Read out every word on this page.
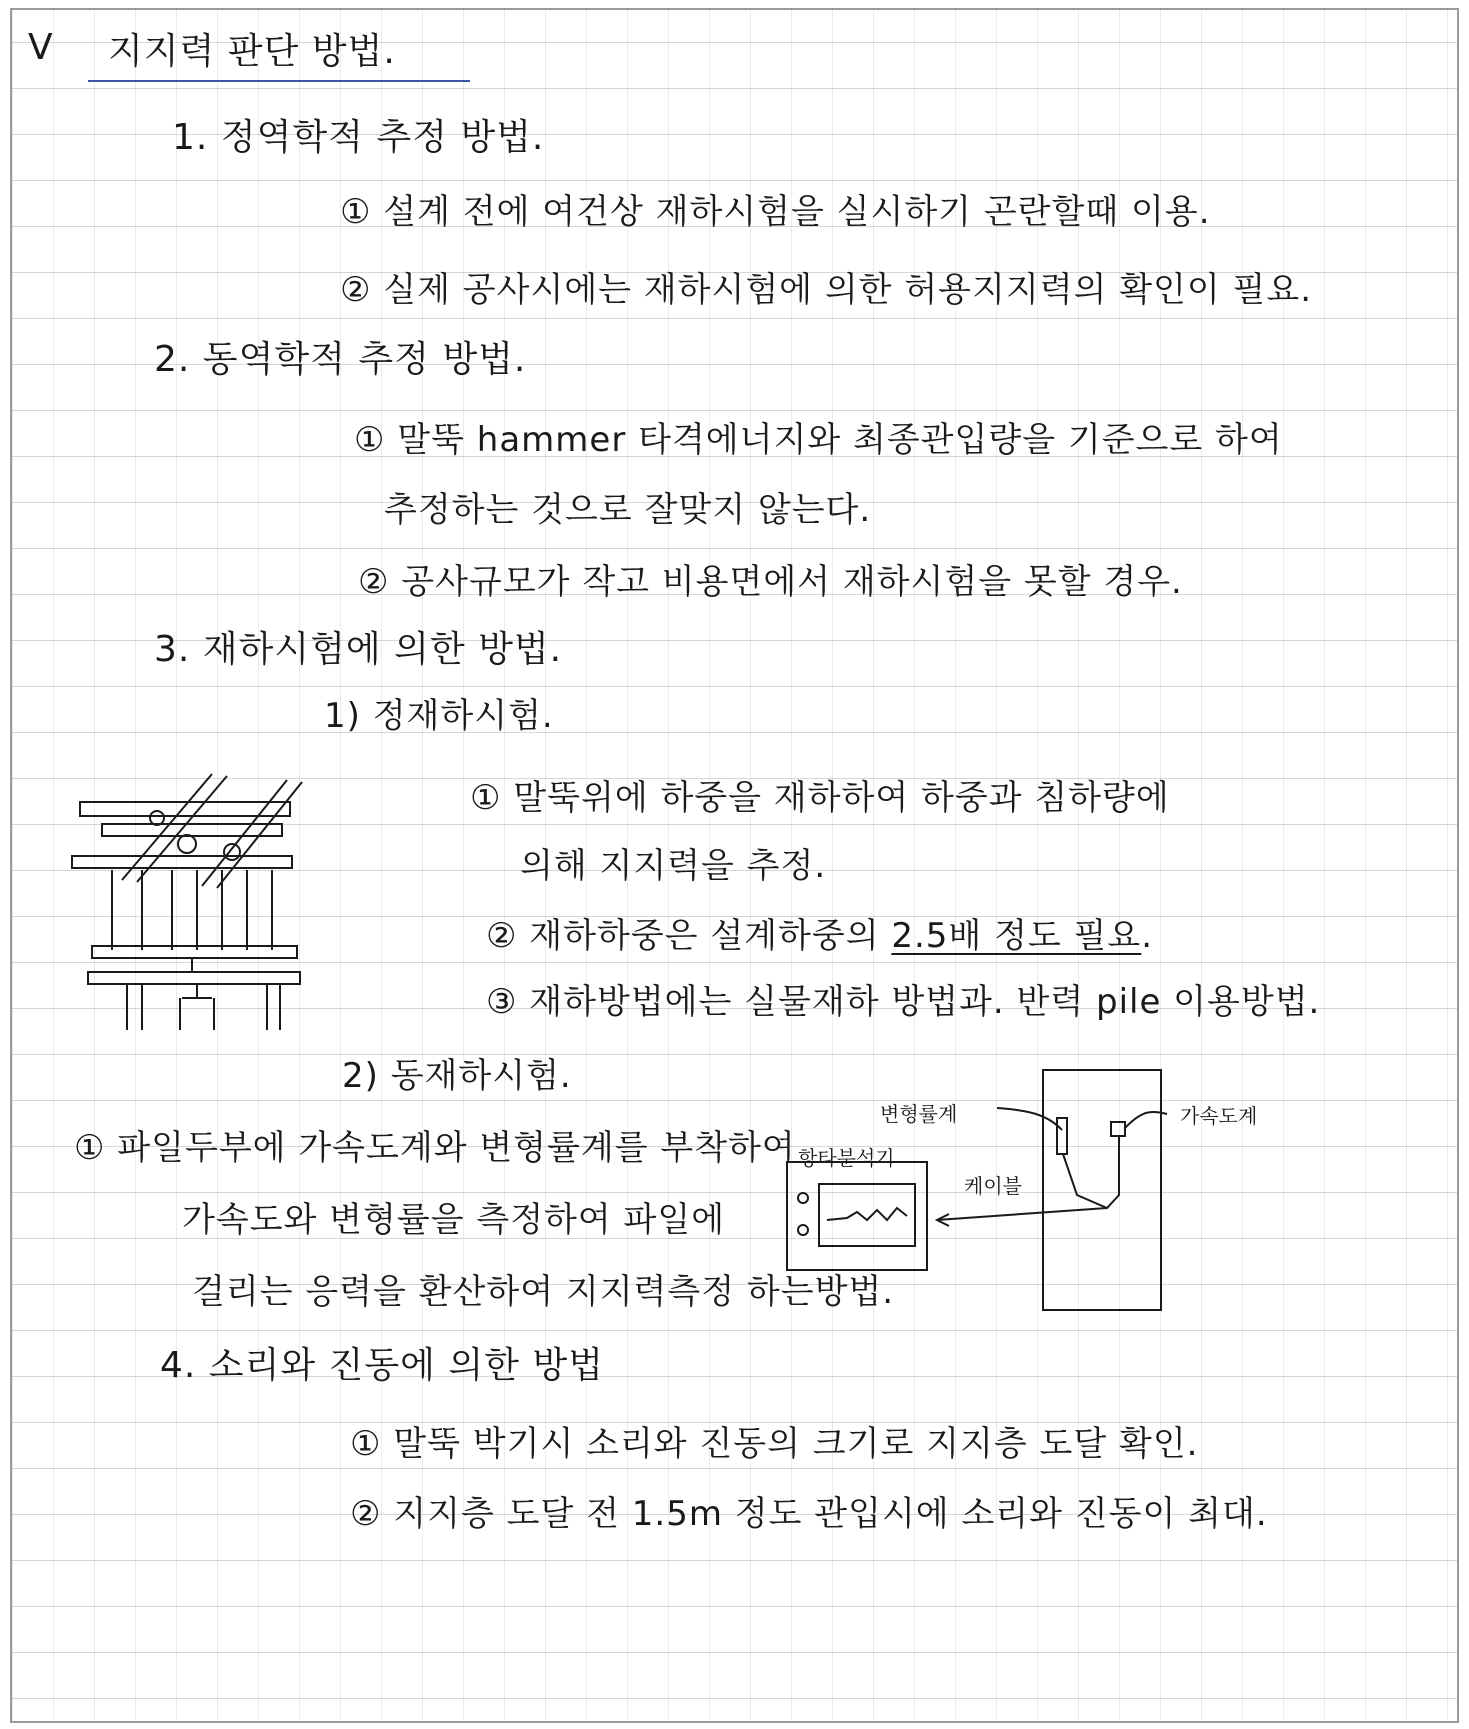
V 지지력 판단 방법.
1. 정역학적 추정 방법.
① 설계 전에 여건상 재하시험을 실시하기 곤란할때 이용.
② 실제 공사시에는 재하시험에 의한 허용지지력의 확인이 필요.
2. 동역학적 추정 방법.
① 말뚝 hammer 타격에너지와 최종관입량을 기준으로 하여
추정하는 것으로 잘맞지 않는다.
② 공사규모가 작고 비용면에서 재하시험을 못할 경우.
3. 재하시험에 의한 방법.
1) 정재하시험.
① 말뚝위에 하중을 재하하여 하중과 침하량에
의해 지지력을 추정.
② 재하하중은 설계하중의 2.5배 정도 필요.
③ 재하방법에는 실물재하 방법과. 반력 pile 이용방법.
2) 동재하시험.
① 파일두부에 가속도계와 변형률계를 부착하여
가속도와 변형률을 측정하여 파일에
걸리는 응력을 환산하여 지지력측정 하는방법.
4. 소리와 진동에 의한 방법
① 말뚝 박기시 소리와 진동의 크기로 지지층 도달 확인.
② 지지층 도달 전 1.5m 정도 관입시에 소리와 진동이 최대.
변형률계	가속도계
항타분석기
케이블
